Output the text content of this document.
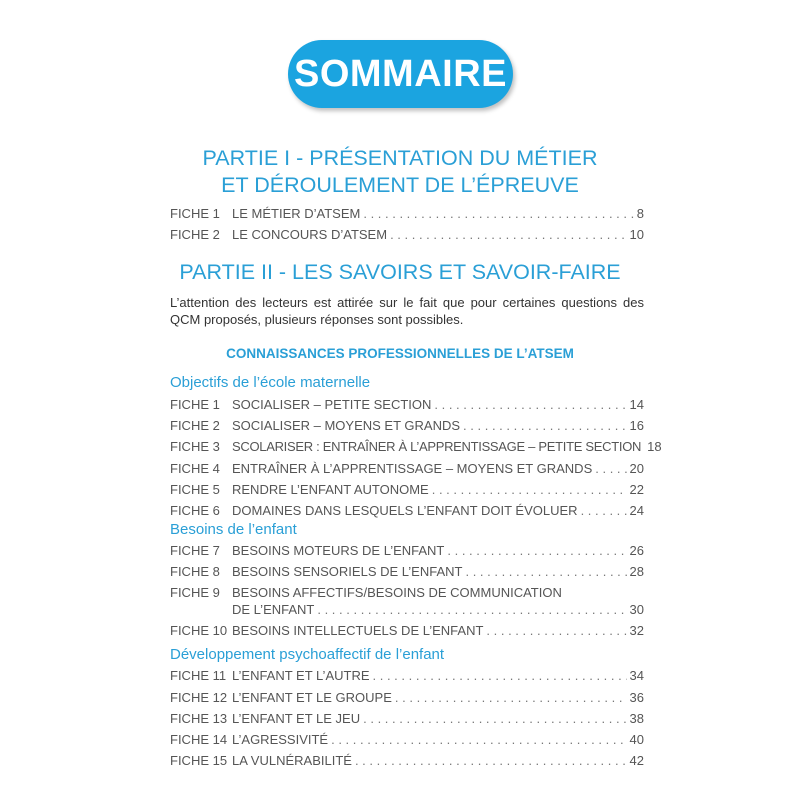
SOMMAIRE
PARTIE I - PRÉSENTATION DU MÉTIER
ET DÉROULEMENT DE L’ÉPREUVE
FICHE 1 LE MÉTIER D’ATSEM . . .	8
FICHE 2 LE CONCOURS D’ATSEM . . .	10
PARTIE II - LES SAVOIRS ET SAVOIR-FAIRE
L’attention des lecteurs est attirée sur le fait que pour certaines questions des
QCM proposés, plusieurs réponses sont possibles.
CONNAISSANCES PROFESSIONNELLES DE L’ATSEM
Objectifs de l’école maternelle
FICHE 1 SOCIALISER – PETITE SECTION . . .	14
FICHE 2 SOCIALISER – MOYENS ET GRANDS . . .	16
FICHE 3 SCOLARISER : ENTRAÎNER À L’APPRENTISSAGE – PETITE SECTION 18
FICHE 4 ENTRAÎNER À L’APPRENTISSAGE – MOYENS ET GRANDS . . .	20
FICHE 5 RENDRE L’ENFANT AUTONOME . . .	22
FICHE 6 DOMAINES DANS LESQUELS L’ENFANT DOIT ÉVOLUER . . .	24
Besoins de l’enfant
FICHE 7 BESOINS MOTEURS DE L’ENFANT . . .	26
FICHE 8 BESOINS SENSORIELS DE L’ENFANT . . .	28
FICHE 9 BESOINS AFFECTIFS/BESOINS DE COMMUNICATION
DE L’ENFANT . . .	30
FICHE 10 BESOINS INTELLECTUELS DE L’ENFANT . . .	32
Développement psychoaffectif de l’enfant
FICHE 11 L’ENFANT ET L’AUTRE . . .	34
FICHE 12 L’ENFANT ET LE GROUPE . . .	36
FICHE 13 L’ENFANT ET LE JEU . . .	38
FICHE 14 L’AGRESSIVITÉ . . .	40
FICHE 15 LA VULNÉRABILITÉ . . .	42
